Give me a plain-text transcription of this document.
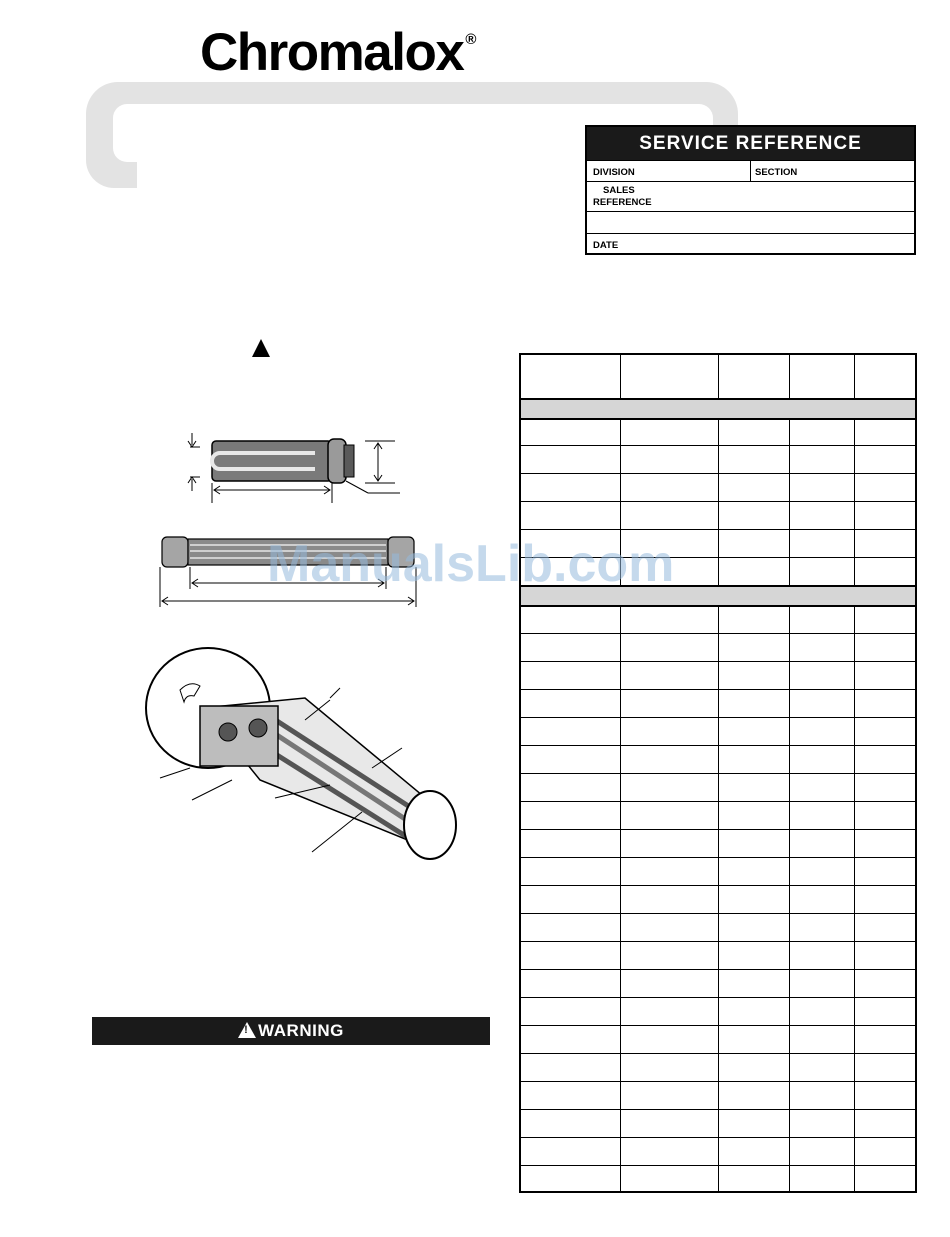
Chromalox ®
SERVICE REFERENCE
DIVISION	SECTION
SALES
REFERENCE
DATE
ManualsLib.com
!WARNING
